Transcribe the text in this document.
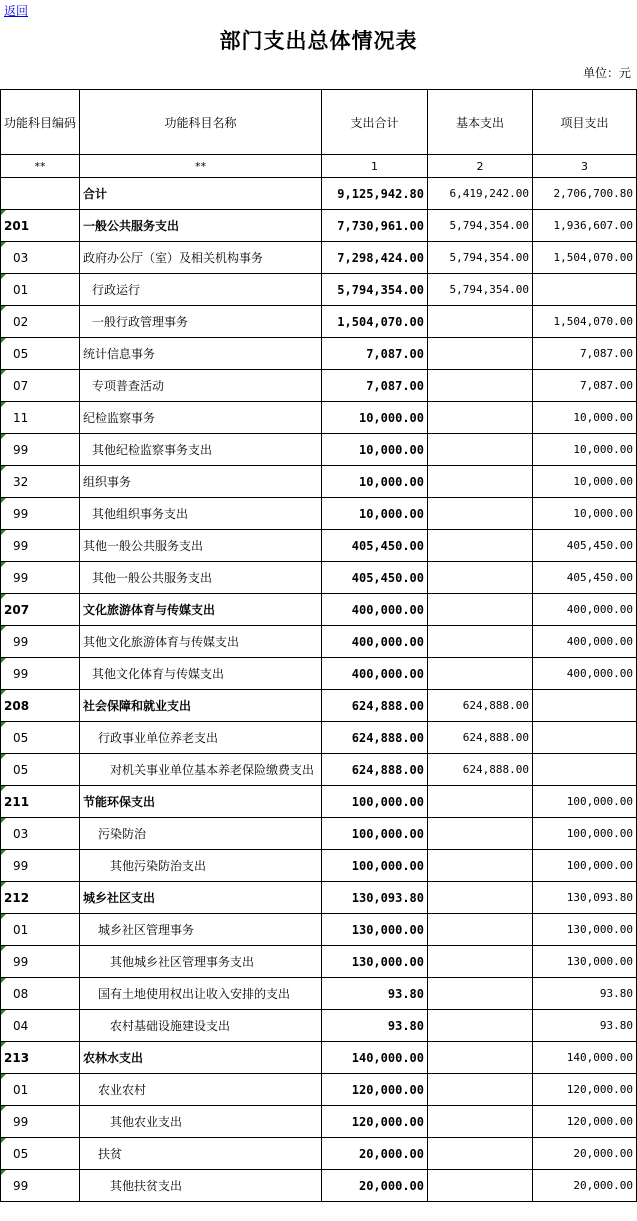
返回
部门支出总体情况表
单位：元
功能科目编码	功能科目名称	支出合计	基本支出	项目支出
**	**	1	2	3
	合计	9,125,942.80	6,419,242.00	2,706,700.80
201	一般公共服务支出	7,730,961.00	5,794,354.00	1,936,607.00
03	政府办公厅（室）及相关机构事务	7,298,424.00	5,794,354.00	1,504,070.00
01	行政运行	5,794,354.00	5,794,354.00	
02	一般行政管理事务	1,504,070.00		1,504,070.00
05	统计信息事务	7,087.00		7,087.00
07	专项普查活动	7,087.00		7,087.00
11	纪检监察事务	10,000.00		10,000.00
99	其他纪检监察事务支出	10,000.00		10,000.00
32	组织事务	10,000.00		10,000.00
99	其他组织事务支出	10,000.00		10,000.00
99	其他一般公共服务支出	405,450.00		405,450.00
99	其他一般公共服务支出	405,450.00		405,450.00
207	文化旅游体育与传媒支出	400,000.00		400,000.00
99	其他文化旅游体育与传媒支出	400,000.00		400,000.00
99	其他文化体育与传媒支出	400,000.00		400,000.00
208	社会保障和就业支出	624,888.00	624,888.00	
05	行政事业单位养老支出	624,888.00	624,888.00	
05	对机关事业单位基本养老保险缴费支出	624,888.00	624,888.00	
211	节能环保支出	100,000.00		100,000.00
03	污染防治	100,000.00		100,000.00
99	其他污染防治支出	100,000.00		100,000.00
212	城乡社区支出	130,093.80		130,093.80
01	城乡社区管理事务	130,000.00		130,000.00
99	其他城乡社区管理事务支出	130,000.00		130,000.00
08	国有土地使用权出让收入安排的支出	93.80		93.80
04	农村基础设施建设支出	93.80		93.80
213	农林水支出	140,000.00		140,000.00
01	农业农村	120,000.00		120,000.00
99	其他农业支出	120,000.00		120,000.00
05	扶贫	20,000.00		20,000.00
99	其他扶贫支出	20,000.00		20,000.00
